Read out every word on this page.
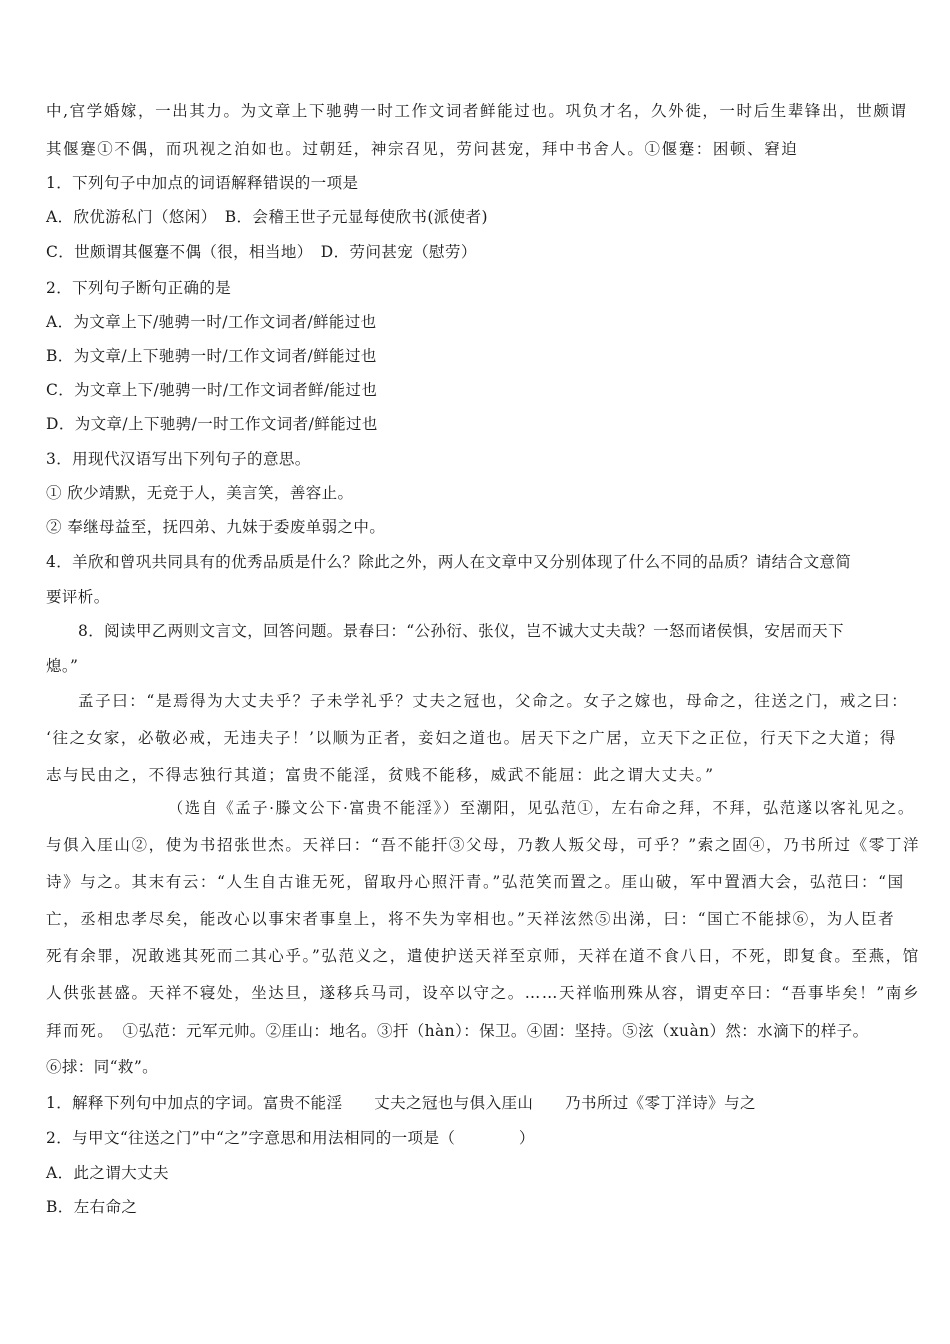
中,官学婚嫁，一出其力。为文章上下驰骋一时工作文词者鲜能过也。巩负才名，久外徙，一时后生辈锋出，世颇谓
其偃蹇①不偶，而巩视之泊如也。过朝廷，神宗召见，劳问甚宠，拜中书舍人。①偃蹇：困顿、窘迫
1．下列句子中加点的词语解释错误的一项是
A．欣优游私门（悠闲）　B．会稽王世子元显每使欣书(派使者)
C．世颇谓其偃蹇不偶（很，相当地）　D．劳问甚宠（慰劳）
2．下列句子断句正确的是
A．为文章上下/驰骋一时/工作文词者/鲜能过也
B．为文章/上下驰骋一时/工作文词者/鲜能过也
C．为文章上下/驰骋一时/工作文词者鲜/能过也
D．为文章/上下驰骋/一时工作文词者/鲜能过也
3．用现代汉语写出下列句子的意思。
① 欣少靖默，无竞于人，美言笑，善容止。
② 奉继母益至，抚四弟、九妹于委废单弱之中。
4．羊欣和曾巩共同具有的优秀品质是什么？除此之外，两人在文章中又分别体现了什么不同的品质？请结合文意简
要评析。
8．阅读甲乙两则文言文，回答问题。景春曰：“公孙衍、张仪，岂不诚大丈夫哉？一怒而诸侯惧，安居而天下
熄。”
孟子曰：“是焉得为大丈夫乎？子未学礼乎？丈夫之冠也，父命之。女子之嫁也，母命之，往送之门，戒之曰：
‘往之女家，必敬必戒，无违夫子！’以顺为正者，妾妇之道也。居天下之广居，立天下之正位，行天下之大道；得
志与民由之，不得志独行其道；富贵不能淫，贫贱不能移，威武不能屈：此之谓大丈夫。”
（选自《孟子·滕文公下·富贵不能淫》）至潮阳，见弘范①，左右命之拜，不拜，弘范遂以客礼见之。
与俱入厓山②，使为书招张世杰。天祥曰：“吾不能扞③父母，乃教人叛父母，可乎？”索之固④，乃书所过《零丁洋
诗》与之。其末有云：“人生自古谁无死，留取丹心照汗青。”弘范笑而置之。厓山破，军中置酒大会，弘范曰：“国
亡，丞相忠孝尽矣，能改心以事宋者事皇上，将不失为宰相也。”天祥泫然⑤出涕，曰：“国亡不能捄⑥，为人臣者
死有余罪，况敢逃其死而二其心乎。”弘范义之，遣使护送天祥至京师，天祥在道不食八日，不死，即复食。至燕，馆
人供张甚盛。天祥不寝处，坐达旦，遂移兵马司，设卒以守之。……天祥临刑殊从容，谓吏卒曰：“吾事毕矣！”南乡
拜而死。　①弘范：元军元帅。②厓山：地名。③扞（hàn）：保卫。④固：坚持。⑤泫（xuàn）然：水滴下的样子。
⑥捄：同“救”。
1．解释下列句中加点的字词。富贵不能淫　　丈夫之冠也与俱入厓山　　乃书所过《零丁洋诗》与之
2．与甲文“往送之门”中“之”字意思和用法相同的一项是（　　　　）
A．此之谓大丈夫
B．左右命之
